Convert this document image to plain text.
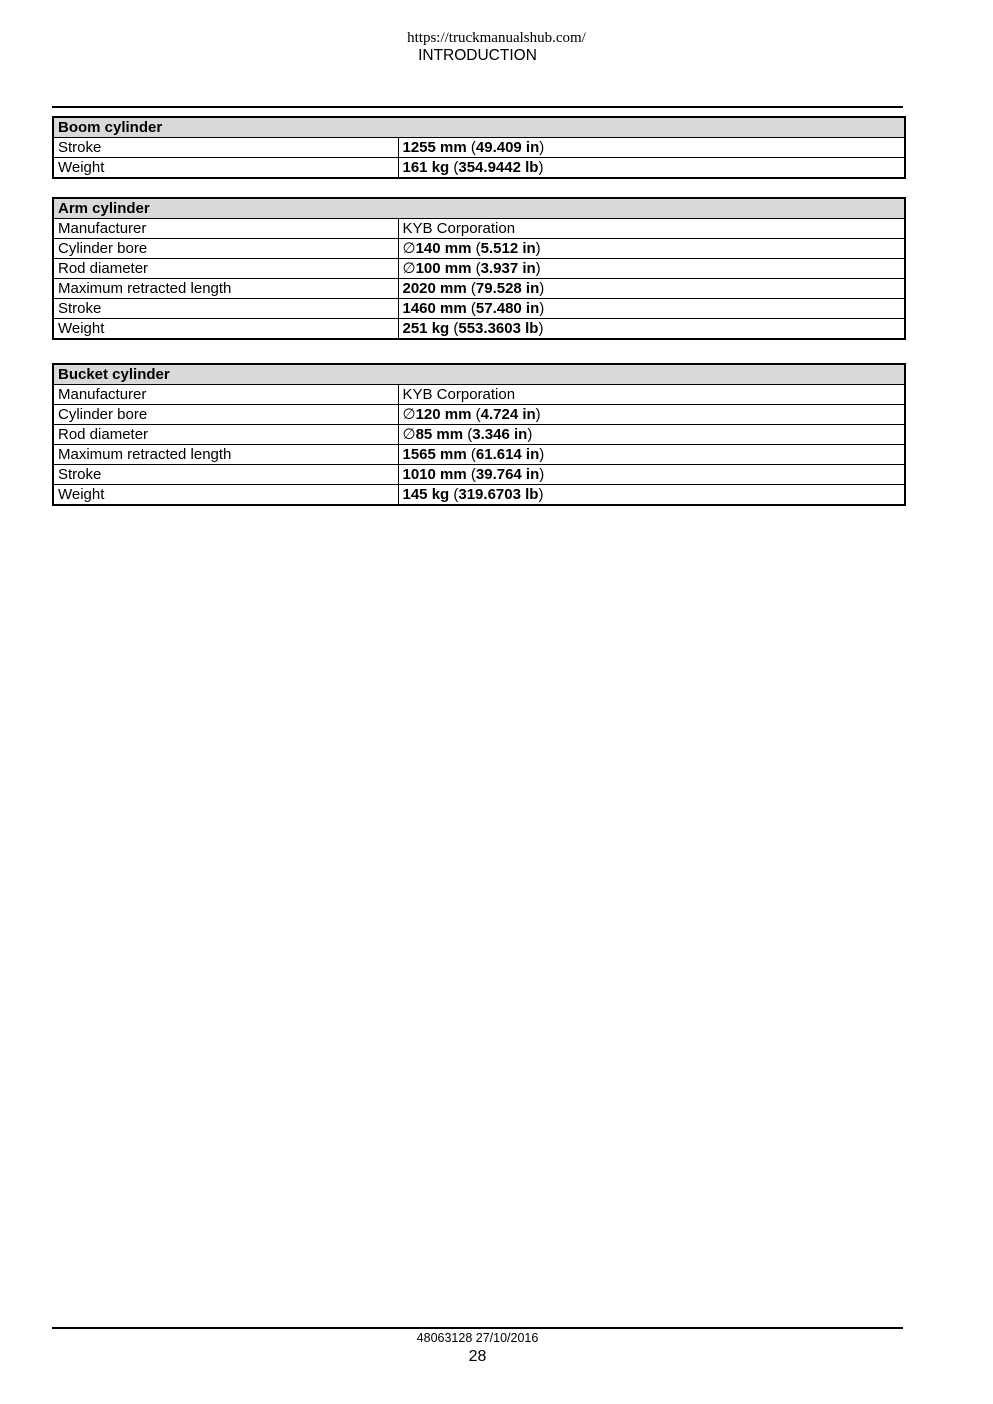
https://truckmanualshub.com/
INTRODUCTION
Boom cylinder	
Stroke	1255 mm (49.409 in)
Weight	161 kg (354.9442 lb)
Arm cylinder	
Manufacturer	KYB Corporation
Cylinder bore	∅140 mm (5.512 in)
Rod diameter	∅100 mm (3.937 in)
Maximum retracted length	2020 mm (79.528 in)
Stroke	1460 mm (57.480 in)
Weight	251 kg (553.3603 lb)
Bucket cylinder	
Manufacturer	KYB Corporation
Cylinder bore	∅120 mm (4.724 in)
Rod diameter	∅85 mm (3.346 in)
Maximum retracted length	1565 mm (61.614 in)
Stroke	1010 mm (39.764 in)
Weight	145 kg (319.6703 lb)
48063128 27/10/2016
28
